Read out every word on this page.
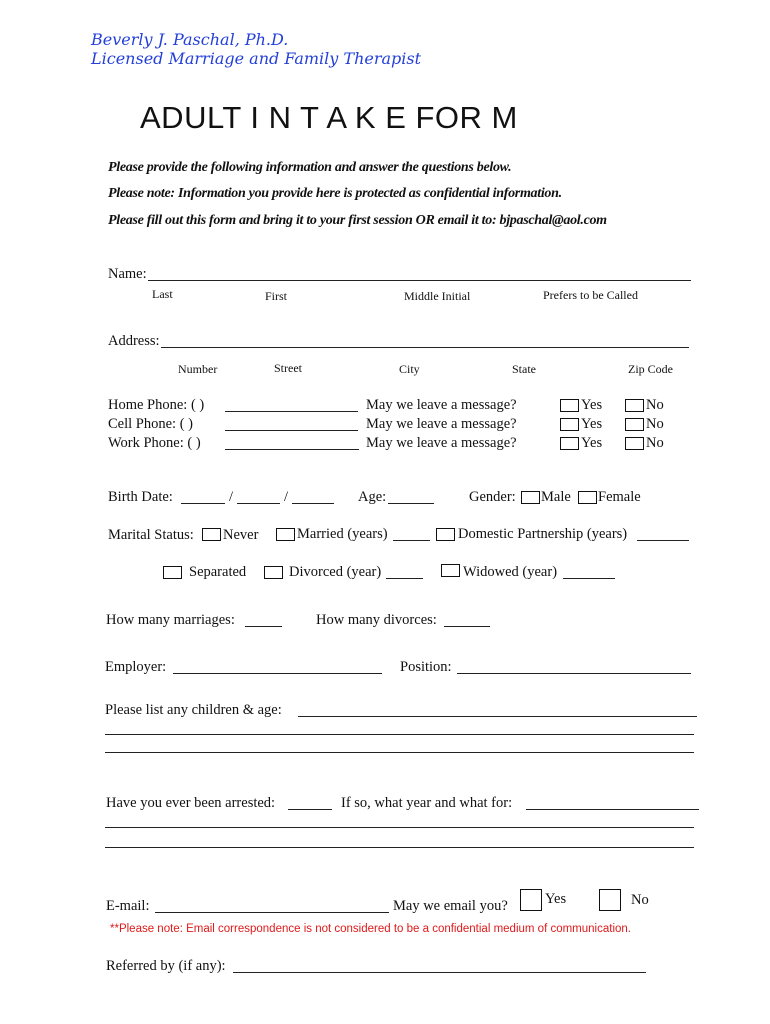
Beverly J. Paschal, Ph.D.
Licensed Marriage and Family Therapist
ADULT I N T A K E FOR M
Please provide the following information and answer the questions below.
Please note: Information you provide here is protected as confidential information.
Please fill out this form and bring it to your first session OR email it to: bjpaschal@aol.com
Name:
Last	First	Middle Initial	Prefers to be Called
Address:
Number	Street	City	State	Zip Code
Home Phone: ( )	May we leave a message?	Yes	No
Cell Phone: ( )	May we leave a message?	Yes	No
Work Phone: ( )	May we leave a message?	Yes	No
Birth Date:	/	/	Age:	Gender: Male Female
Marital Status: Never	Married (years)	Domestic Partnership (years)
Separated	Divorced (year)	Widowed (year)
How many marriages:	How many divorces:
Employer:	Position:
Please list any children & age:
Have you ever been arrested:	If so, what year and what for:
E-mail:	May we email you?	Yes	No
**Please note: Email correspondence is not considered to be a confidential medium of communication.
Referred by (if any):
